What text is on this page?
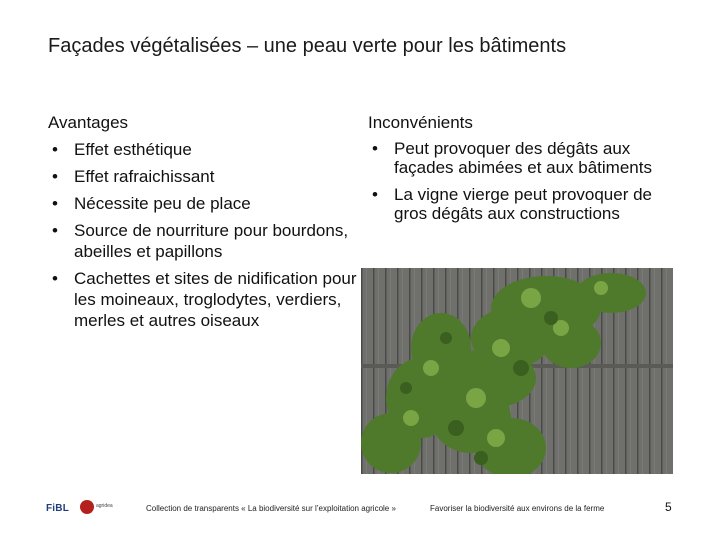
Façades végétalisées – une peau verte pour les bâtiments
Avantages
• Effet esthétique
• Effet rafraichissant
• Nécessite peu de place
• Source de nourriture pour bourdons, abeilles et papillons
• Cachettes et sites de nidification pour les moineaux, troglodytes, verdiers, merles et autres oiseaux
Inconvénients
• Peut provoquer des dégâts aux façades abimées et aux bâtiments
• La vigne vierge peut provoquer de gros dégâts aux constructions
FiBL	agridea	Collection de transparents « La biodiversité sur l’exploitation agricole »	Favoriser la biodiversité aux environs de la ferme	5
